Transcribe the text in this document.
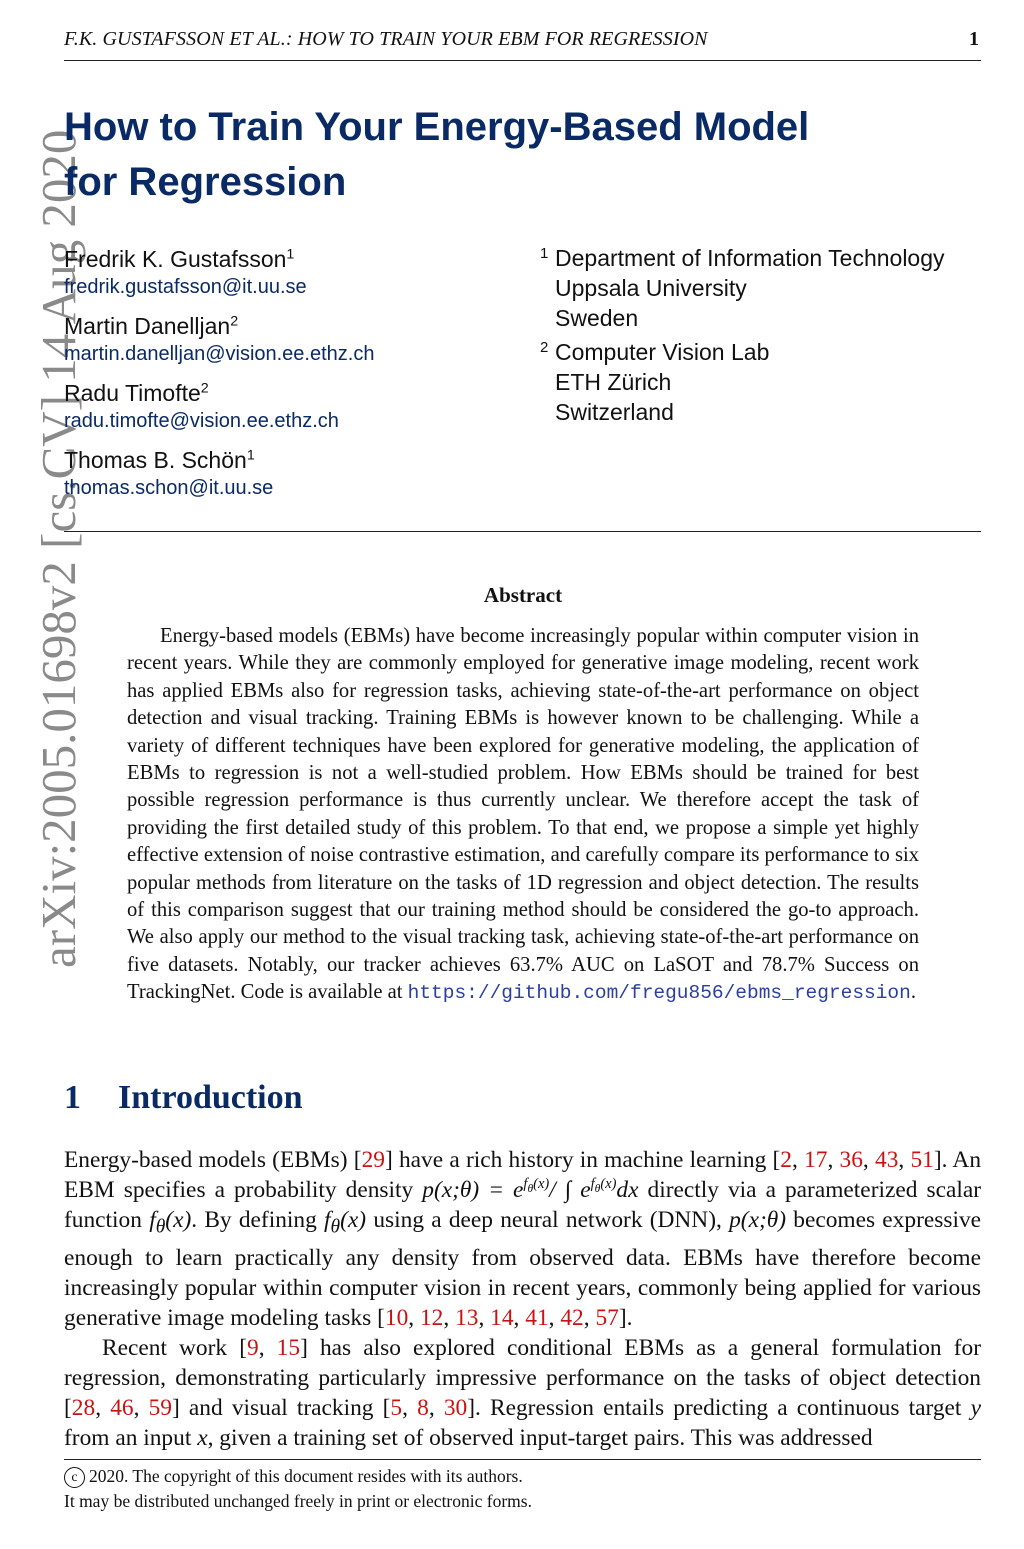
F.K. GUSTAFSSON ET AL.: HOW TO TRAIN YOUR EBM FOR REGRESSION	1
arXiv:2005.01698v2 [cs.CV] 14 Aug 2020
How to Train Your Energy-Based Model
for Regression
Fredrik K. Gustafsson$^1$
fredrik.gustafsson@it.uu.se
Martin Danelljan$^2$
martin.danelljan@vision.ee.ethz.ch
Radu Timofte$^2$
radu.timofte@vision.ee.ethz.ch
Thomas B. Schön$^1$
thomas.schon@it.uu.se
1 Department of Information Technology
Uppsala University
Sweden
2 Computer Vision Lab
ETH Zürich
Switzerland
Abstract

Energy-based models (EBMs) have become increasingly popular within computer vision in recent years. While they are commonly employed for generative image modeling, recent work has applied EBMs also for regression tasks, achieving state-of-the-art performance on object detection and visual tracking. Training EBMs is however known to be challenging. While a variety of different techniques have been explored for generative modeling, the application of EBMs to regression is not a well-studied problem. How EBMs should be trained for best possible regression performance is thus currently unclear. We therefore accept the task of providing the first detailed study of this problem. To that end, we propose a simple yet highly effective extension of noise contrastive estimation, and carefully compare its performance to six popular methods from literature on the tasks of 1D regression and object detection. The results of this comparison suggest that our training method should be considered the go-to approach. We also apply our method to the visual tracking task, achieving state-of-the-art performance on five datasets. Notably, our tracker achieves 63.7% AUC on LaSOT and 78.7% Success on TrackingNet. Code is available at https://github.com/fregu856/ebms_regression.

1 Introduction

Energy-based models (EBMs) [29] have a rich history in machine learning [2, 17, 36, 43, 51]. An EBM specifies a probability density p(x;θ) = $e^{f_\theta(x)}/$ ∫ $e^{f_\theta(x)}dx$ directly via a parameterized scalar function $f_\theta(x)$. By defining $f_\theta(x)$ using a deep neural network (DNN), p(x;θ) becomes expressive enough to learn practically any density from observed data. EBMs have therefore become increasingly popular within computer vision in recent years, commonly being applied for various generative image modeling tasks [10, 12, 13, 14, 41, 42, 57].

Recent work [9, 15] has also explored conditional EBMs as a general formulation for regression, demonstrating particularly impressive performance on the tasks of object detection [28, 46, 59] and visual tracking [5, 8, 30]. Regression entails predicting a continuous target y from an input x, given a training set of observed input-target pairs. This was addressed

c 2020. The copyright of this document resides with its authors.
It may be distributed unchanged freely in print or electronic forms.
